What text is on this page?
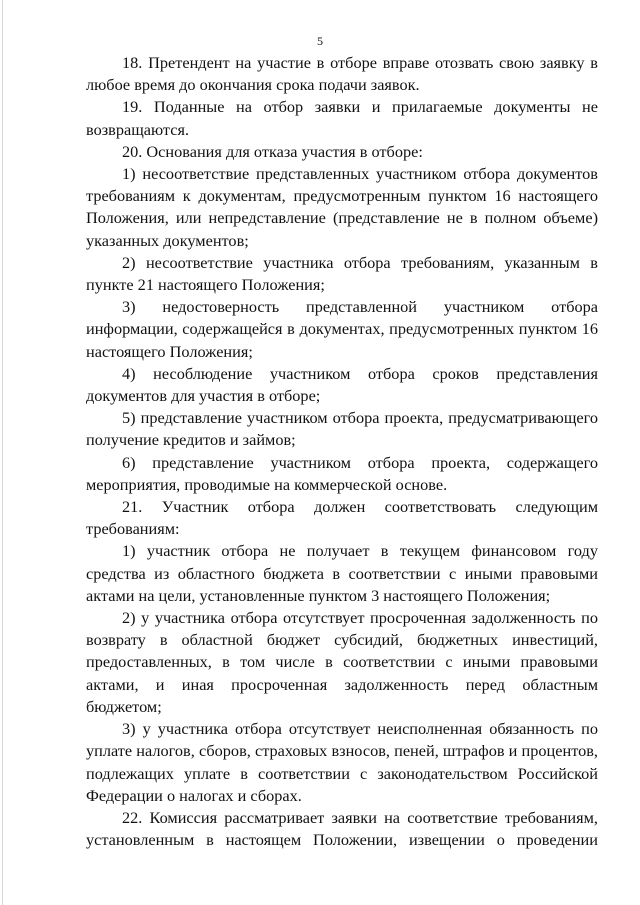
5

18. Претендент на участие в отборе вправе отозвать свою заявку в любое время до окончания срока подачи заявок.

19. Поданные на отбор заявки и прилагаемые документы не возвращаются.

20. Основания для отказа участия в отборе:

1) несоответствие представленных участником отбора документов требованиям к документам, предусмотренным пунктом 16 настоящего Положения, или непредставление (представление не в полном объеме) указанных документов;

2) несоответствие участника отбора требованиям, указанным в пункте 21 настоящего Положения;

3) недостоверность представленной участником отбора информации, содержащейся в документах, предусмотренных пунктом 16 настоящего Положения;

4) несоблюдение участником отбора сроков представления документов для участия в отборе;

5) представление участником отбора проекта, предусматривающего получение кредитов и займов;

6) представление участником отбора проекта, содержащего мероприятия, проводимые на коммерческой основе.

21. Участник отбора должен соответствовать следующим требованиям:

1) участник отбора не получает в текущем финансовом году средства из областного бюджета в соответствии с иными правовыми актами на цели, установленные пунктом 3 настоящего Положения;

2) у участника отбора отсутствует просроченная задолженность по возврату в областной бюджет субсидий, бюджетных инвестиций, предоставленных, в том числе в соответствии с иными правовыми актами, и иная просроченная задолженность перед областным бюджетом;

3) у участника отбора отсутствует неисполненная обязанность по уплате налогов, сборов, страховых взносов, пеней, штрафов и процентов, подлежащих уплате в соответствии с законодательством Российской Федерации о налогах и сборах.

22. Комиссия рассматривает заявки на соответствие требованиям, установленным в настоящем Положении, извещении о проведении
